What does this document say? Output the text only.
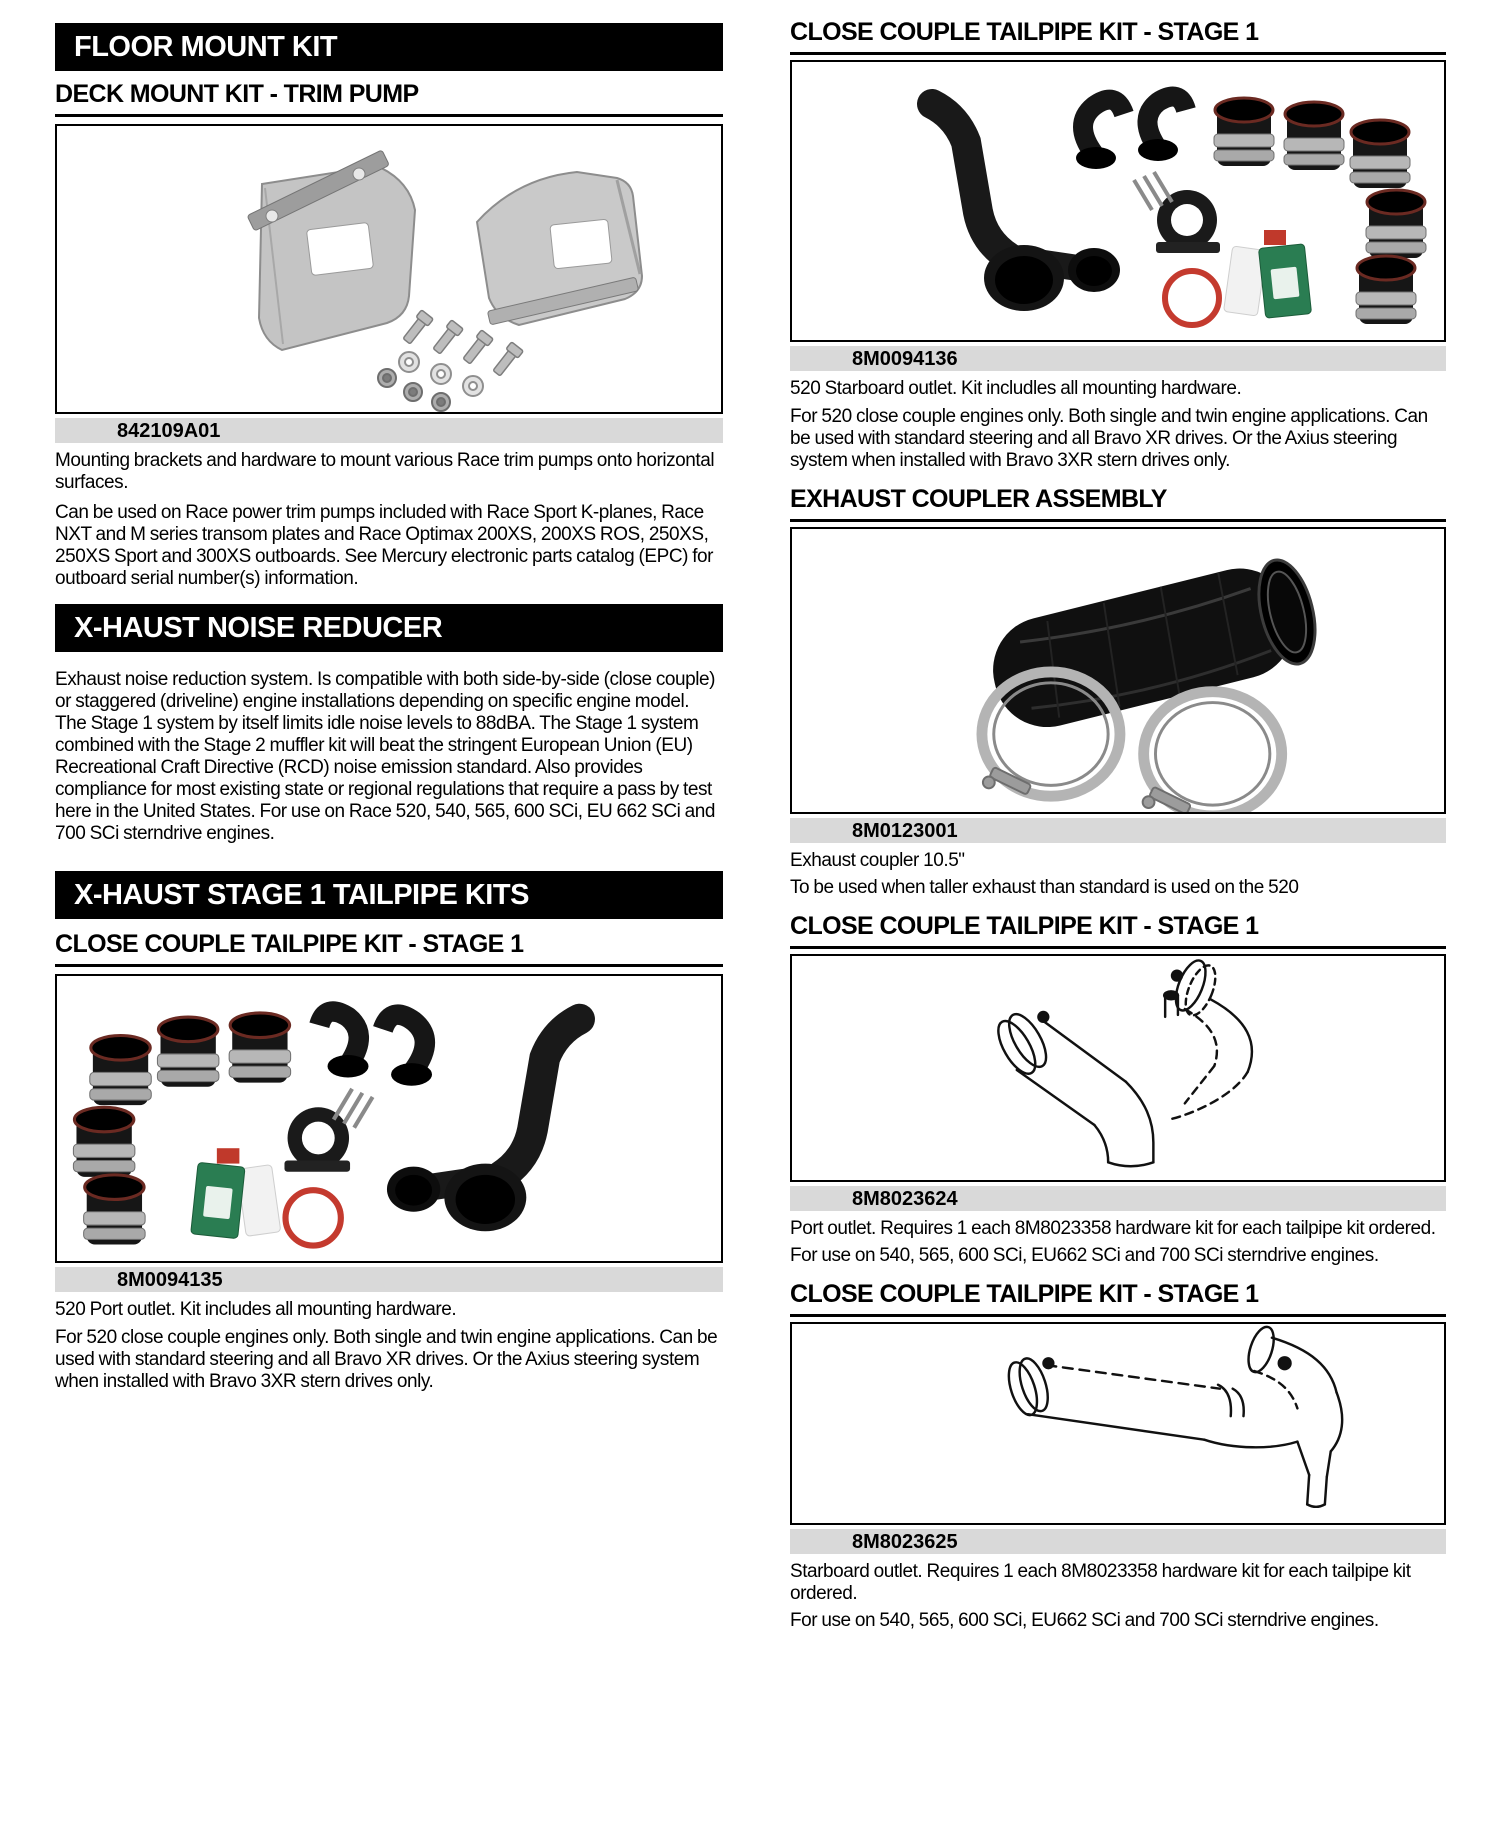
FLOOR MOUNT KIT
DECK MOUNT KIT - TRIM PUMP
842109A01

Mounting brackets and hardware to mount various Race trim pumps onto horizontal surfaces.

Can be used on Race power trim pumps included with Race Sport K-planes, Race NXT and M series transom plates and Race Optimax 200XS, 200XS ROS, 250XS, 250XS Sport and 300XS outboards. See Mercury electronic parts catalog (EPC) for outboard serial number(s) information.

X-HAUST NOISE REDUCER

Exhaust noise reduction system. Is compatible with both side-by-side (close couple) or staggered (driveline) engine installations depending on specific engine model. The Stage 1 system by itself limits idle noise levels to 88dBA. The Stage 1 system combined with the Stage 2 muffler kit will beat the stringent European Union (EU) Recreational Craft Directive (RCD) noise emission standard. Also provides compliance for most existing state or regional regulations that require a pass by test here in the United States. For use on Race 520, 540, 565, 600 SCi, EU 662 SCi and 700 SCi sterndrive engines.

X-HAUST STAGE 1 TAILPIPE KITS
CLOSE COUPLE TAILPIPE KIT - STAGE 1
8M0094135

520 Port outlet. Kit includes all mounting hardware.

For 520 close couple engines only. Both single and twin engine applications. Can be used with standard steering and all Bravo XR drives. Or the Axius steering system when installed with Bravo 3XR stern drives only.

CLOSE COUPLE TAILPIPE KIT - STAGE 1
8M0094136

520 Starboard outlet. Kit includles all mounting hardware.

For 520 close couple engines only. Both single and twin engine applications. Can be used with standard steering and all Bravo XR drives. Or the Axius steering system when installed with Bravo 3XR stern drives only.

EXHAUST COUPLER ASSEMBLY
8M0123001

Exhaust coupler 10.5"

To be used when taller exhaust than standard is used on the 520

CLOSE COUPLE TAILPIPE KIT - STAGE 1
8M8023624

Port outlet. Requires 1 each 8M8023358 hardware kit for each tailpipe kit ordered.

For use on 540, 565, 600 SCi, EU662 SCi and 700 SCi sterndrive engines.

CLOSE COUPLE TAILPIPE KIT - STAGE 1
8M8023625

Starboard outlet. Requires 1 each 8M8023358 hardware kit for each tailpipe kit ordered.

For use on 540, 565, 600 SCi, EU662 SCi and 700 SCi sterndrive engines.
